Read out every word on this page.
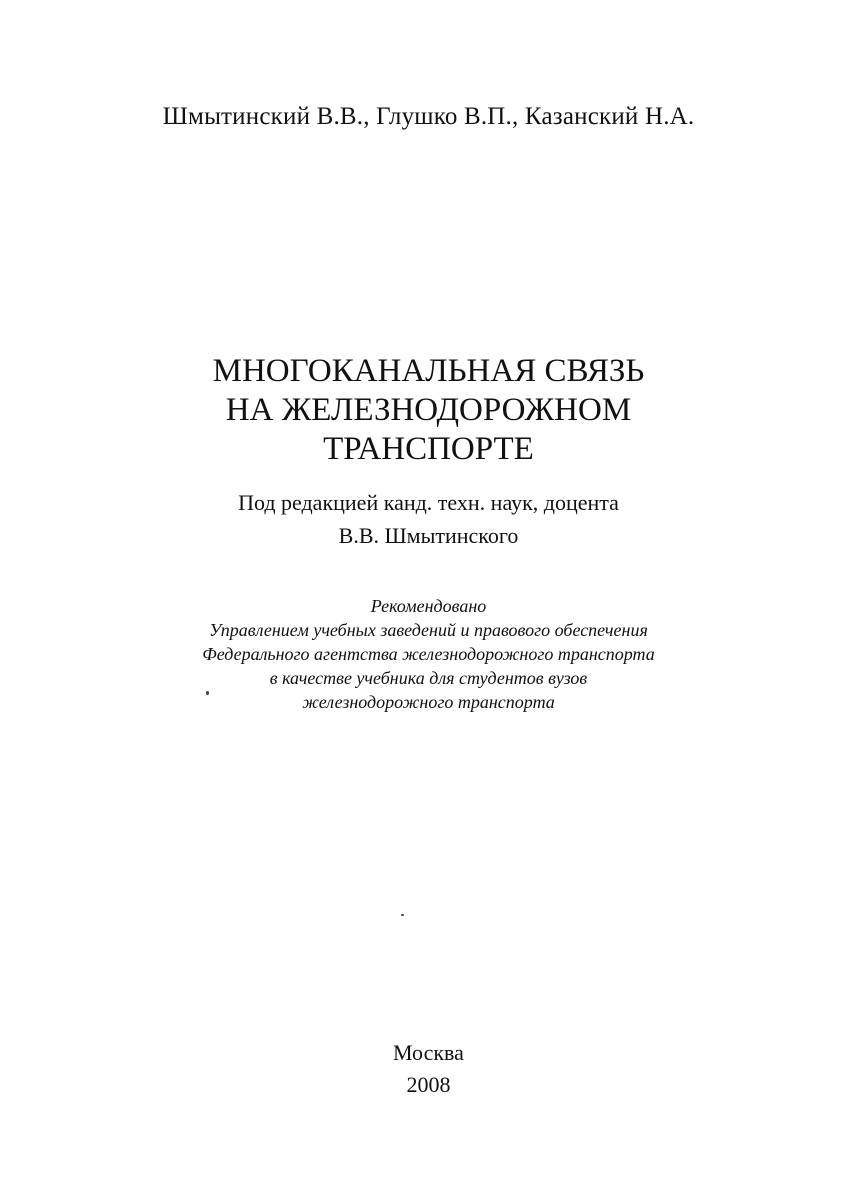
Шмытинский В.В., Глушко В.П., Казанский Н.А.

МНОГОКАНАЛЬНАЯ СВЯЗЬ
НА ЖЕЛЕЗНОДОРОЖНОМ
ТРАНСПОРТЕ

Под редакцией канд. техн. наук, доцента
В.В. Шмытинского

Рекомендовано
Управлением учебных заведений и правового обеспечения
Федерального агентства железнодорожного транспорта
в качестве учебника для студентов вузов
железнодорожного транспорта

Москва
2008
